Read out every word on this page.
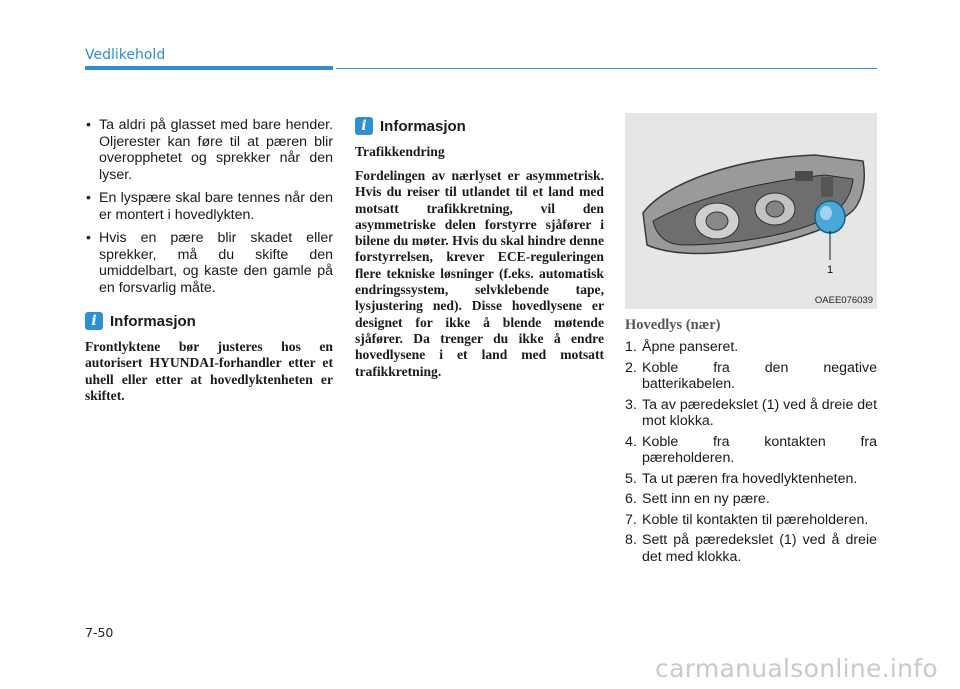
Vedlikehold
• Ta aldri på glasset med bare hender. Oljerester kan føre til at pæren blir overopphetet og sprekker når den lyser.
• En lyspære skal bare tennes når den er montert i hovedlykten.
• Hvis en pære blir skadet eller sprekker, må du skifte den umiddelbart, og kaste den gamle på en forsvarlig måte.
i Informasjon

Frontlyktene bør justeres hos en autorisert HYUNDAI-forhandler etter et uhell eller etter at hovedlyktenheten er skiftet.

i Informasjon

Trafikkendring

Fordelingen av nærlyset er asymmetrisk. Hvis du reiser til utlandet til et land med motsatt trafikkretning, vil den asymmetriske delen forstyrre sjåfører i bilene du møter. Hvis du skal hindre denne forstyrrelsen, krever ECE-reguleringen flere tekniske løsninger (f.eks. automatisk endringssystem, selvklebende tape, lysjustering ned). Disse hovedlysene er designet for ikke å blende møtende sjåfører. Da trenger du ikke å endre hovedlysene i et land med motsatt trafikkretning.

1
OAEE076039
Hovedlys (nær)
1. Åpne panseret.
2. Koble fra den negative batterikabelen.
3. Ta av pæredekslet (1) ved å dreie det mot klokka.
4. Koble fra kontakten fra pæreholderen.
5. Ta ut pæren fra hovedlyktenheten.
6. Sett inn en ny pære.
7. Koble til kontakten til pæreholderen.
8. Sett på pæredekslet (1) ved å dreie det med klokka.
7-50
carmanualsonline.info
